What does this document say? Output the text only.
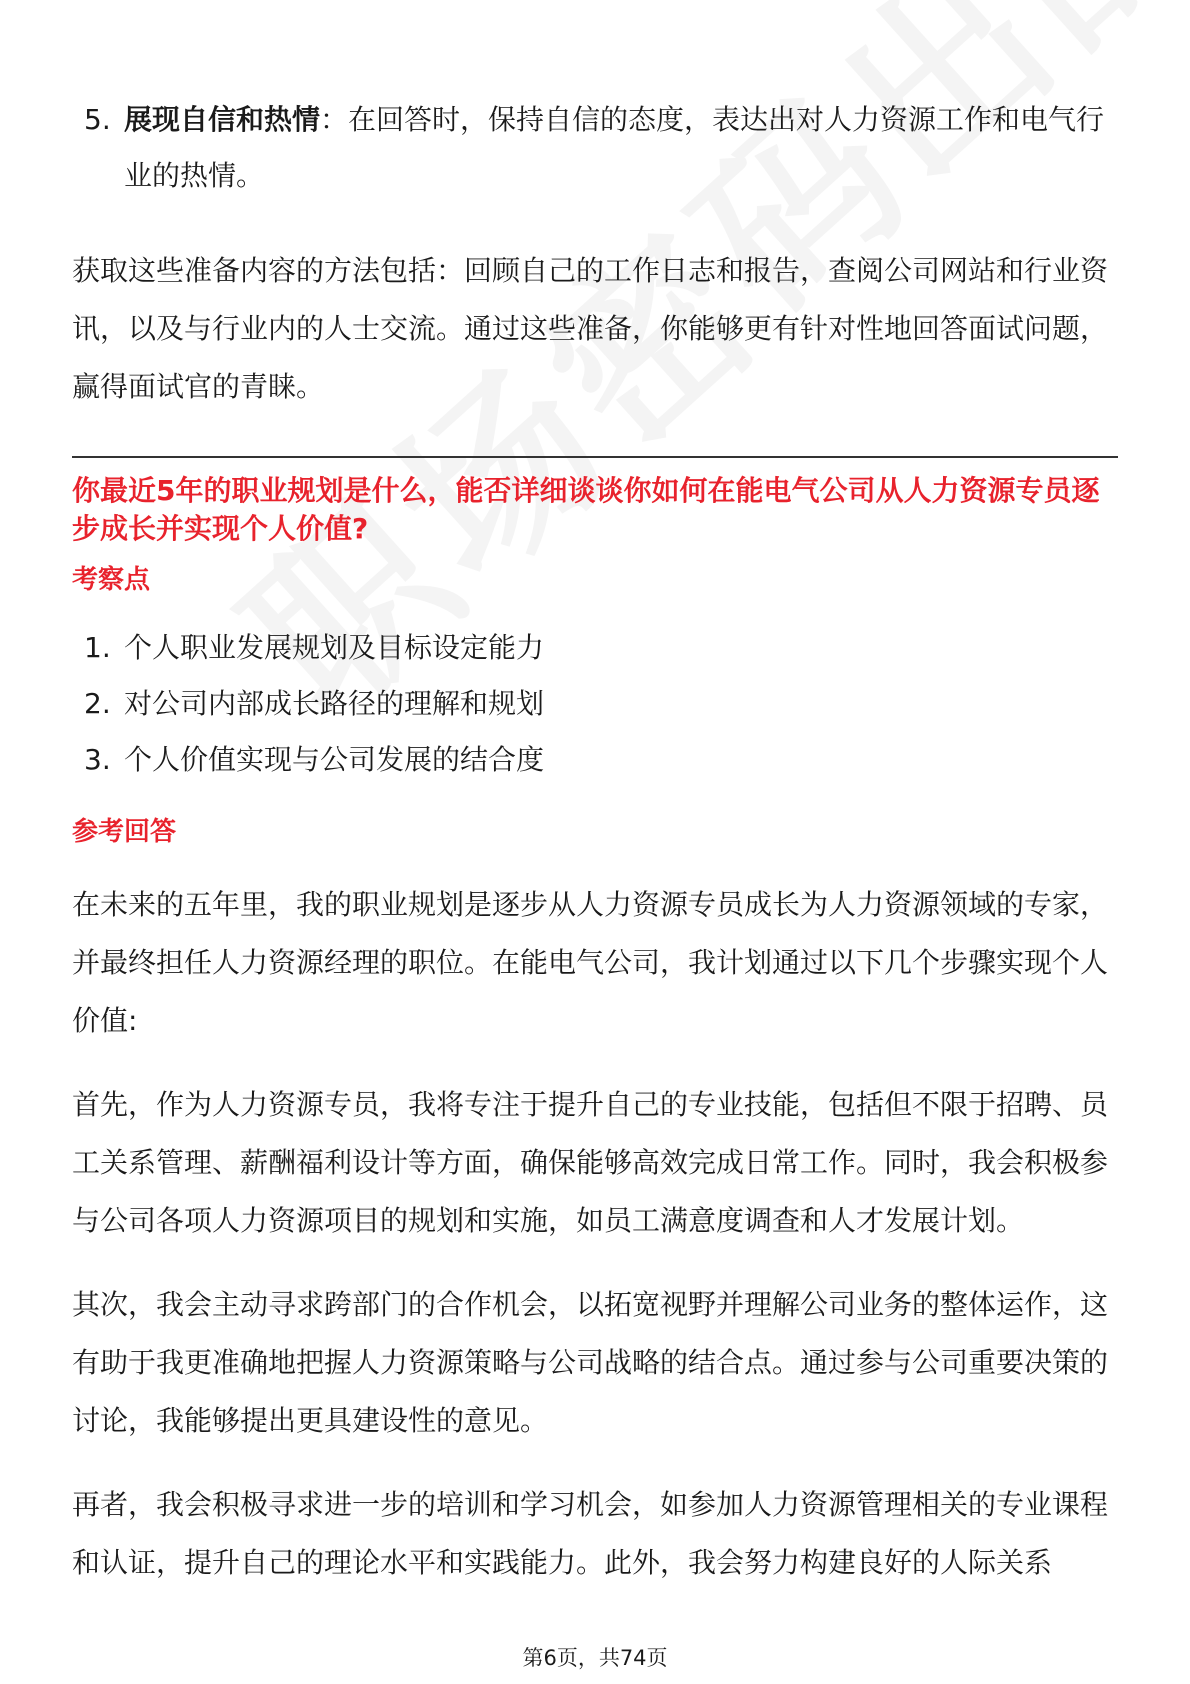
5. 展现自信和热情：在回答时，保持自信的态度，表达出对人力资源工作和电气行业的热情。

获取这些准备内容的方法包括：回顾自己的工作日志和报告，查阅公司网站和行业资讯，以及与行业内的人士交流。通过这些准备，你能够更有针对性地回答面试问题，赢得面试官的青睐。

你最近5年的职业规划是什么，能否详细谈谈你如何在能电气公司从人力资源专员逐步成长并实现个人价值?

考察点

1. 个人职业发展规划及目标设定能力
2. 对公司内部成长路径的理解和规划
3. 个人价值实现与公司发展的结合度

参考回答

在未来的五年里，我的职业规划是逐步从人力资源专员成长为人力资源领域的专家，并最终担任人力资源经理的职位。在能电气公司，我计划通过以下几个步骤实现个人价值:

首先，作为人力资源专员，我将专注于提升自己的专业技能，包括但不限于招聘、员工关系管理、薪酬福利设计等方面，确保能够高效完成日常工作。同时，我会积极参与公司各项人力资源项目的规划和实施，如员工满意度调查和人才发展计划。

其次，我会主动寻求跨部门的合作机会，以拓宽视野并理解公司业务的整体运作，这有助于我更准确地把握人力资源策略与公司战略的结合点。通过参与公司重要决策的讨论，我能够提出更具建设性的意见。

再者，我会积极寻求进一步的培训和学习机会，如参加人力资源管理相关的专业课程和认证，提升自己的理论水平和实践能力。此外，我会努力构建良好的人际关系

第6页，共74页
